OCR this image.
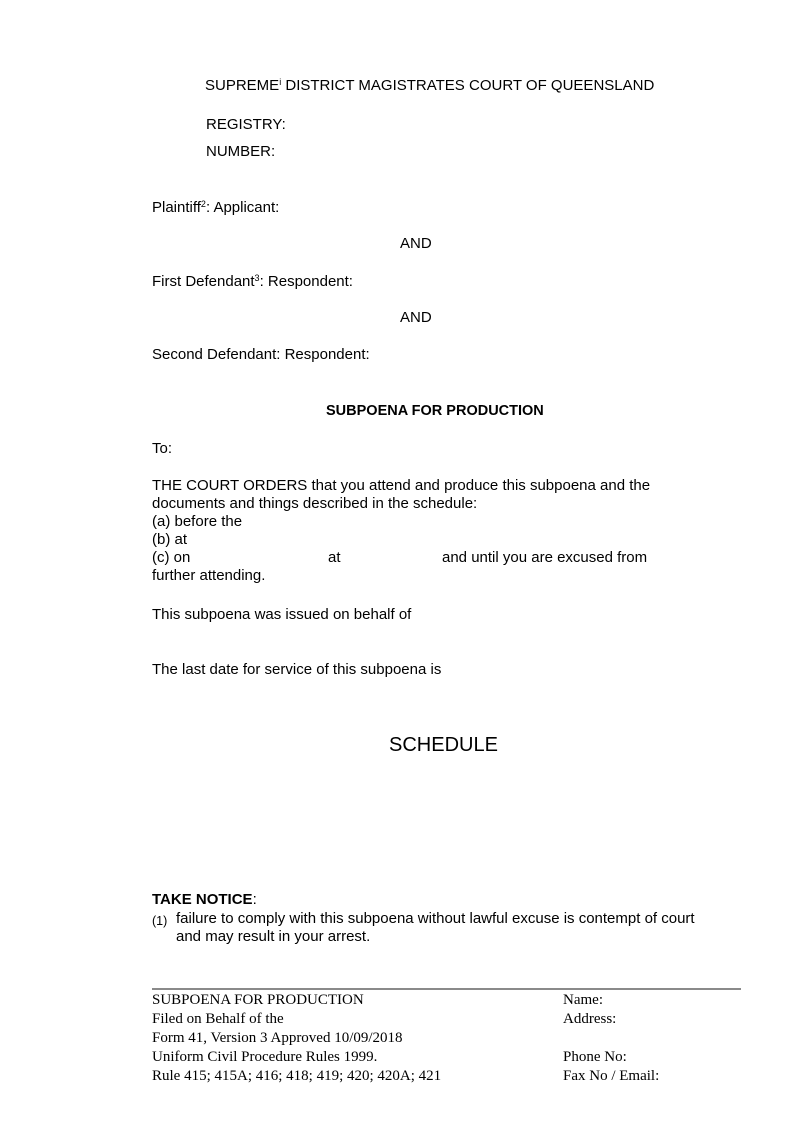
SUPREME$^i$ DISTRICT MAGISTRATES COURT OF QUEENSLAND
REGISTRY:
NUMBER:
Plaintiff$^2$: Applicant:
AND
First Defendant$^3$: Respondent:
AND
Second Defendant: Respondent:
SUBPOENA FOR PRODUCTION
To:
THE COURT ORDERS that you attend and produce this subpoena and the
documents and things described in the schedule:
(a) before the
(b) at
(c) on	at	and until you are excused from
further attending.
This subpoena was issued on behalf of
The last date for service of this subpoena is
SCHEDULE
TAKE NOTICE:
(1) failure to comply with this subpoena without lawful excuse is contempt of court
and may result in your arrest.
SUBPOENA FOR PRODUCTION
Filed on Behalf of the
Form 41, Version 3 Approved 10/09/2018
Uniform Civil Procedure Rules 1999.
Rule 415; 415A; 416; 418; 419; 420; 420A; 421
Name:
Address:
Phone No:
Fax No / Email:
